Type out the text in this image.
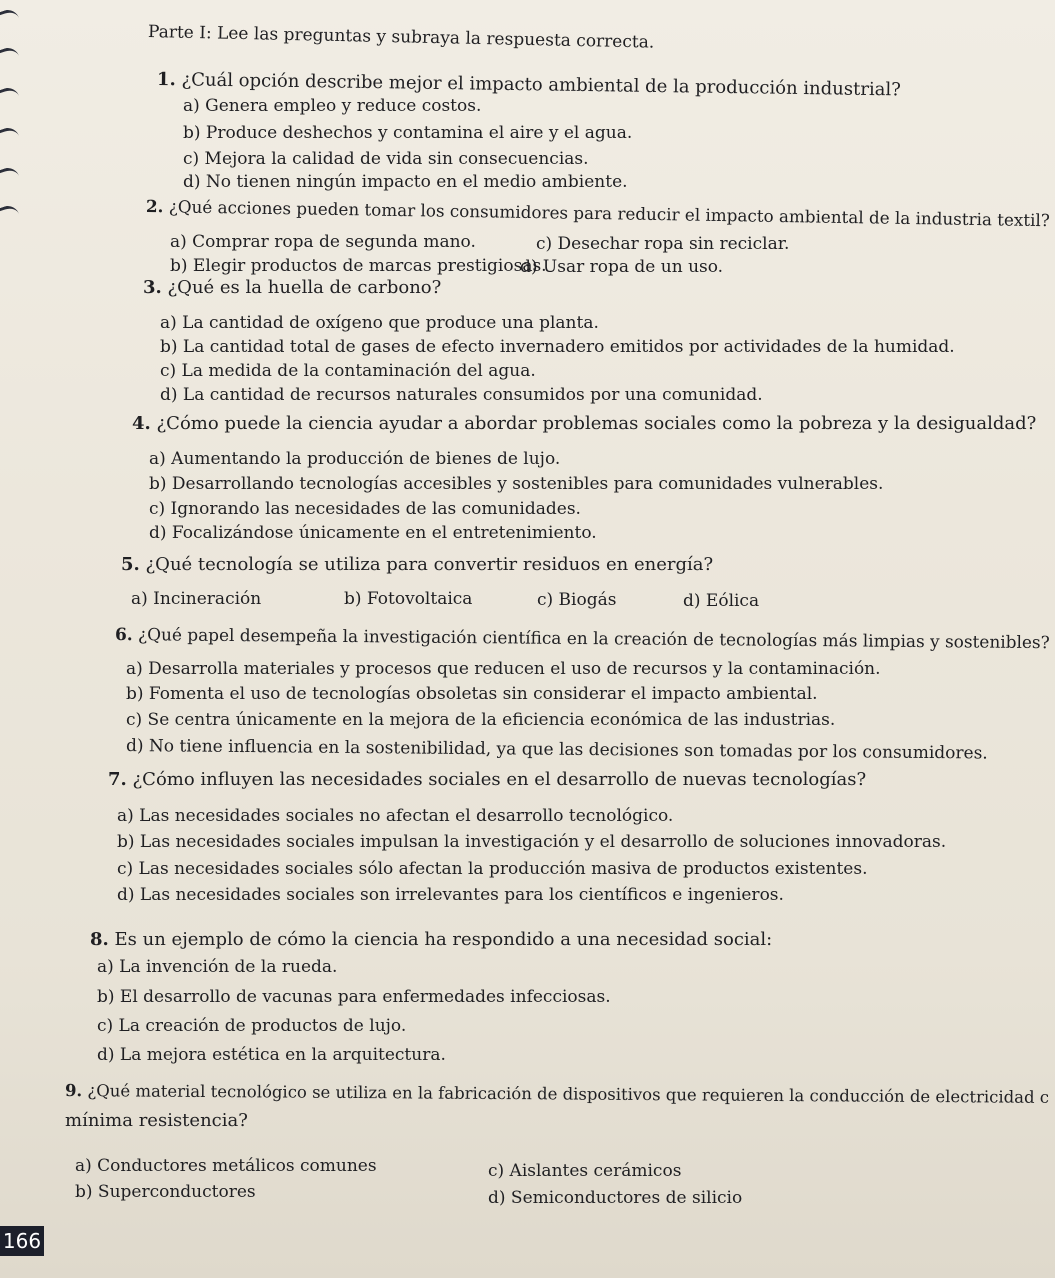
Parte I: Lee las preguntas y subraya la respuesta correcta.
1. ¿Cuál opción describe mejor el impacto ambiental de la producción industrial?
a) Genera empleo y reduce costos.
b) Produce deshechos y contamina el aire y el agua.
c) Mejora la calidad de vida sin consecuencias.
d) No tienen ningún impacto en el medio ambiente.
2. ¿Qué acciones pueden tomar los consumidores para reducir el impacto ambiental de la industria textil?
a) Comprar ropa de segunda mano.	c) Desechar ropa sin reciclar.
b) Elegir productos de marcas prestigiosas.
d) Usar ropa de un uso.
3. ¿Qué es la huella de carbono?
a) La cantidad de oxígeno que produce una planta.
b) La cantidad total de gases de efecto invernadero emitidos por actividades de la humidad.
c) La medida de la contaminación del agua.
d) La cantidad de recursos naturales consumidos por una comunidad.
4. ¿Cómo puede la ciencia ayudar a abordar problemas sociales como la pobreza y la desigualdad?
a) Aumentando la producción de bienes de lujo.
b) Desarrollando tecnologías accesibles y sostenibles para comunidades vulnerables.
c) Ignorando las necesidades de las comunidades.
d) Focalizándose únicamente en el entretenimiento.
5. ¿Qué tecnología se utiliza para convertir residuos en energía?
a) Incineración	b) Fotovoltaica	c) Biogás	d) Eólica
6. ¿Qué papel desempeña la investigación científica en la creación de tecnologías más limpias y sostenibles?
a) Desarrolla materiales y procesos que reducen el uso de recursos y la contaminación.
b) Fomenta el uso de tecnologías obsoletas sin considerar el impacto ambiental.
c) Se centra únicamente en la mejora de la eficiencia económica de las industrias.
d) No tiene influencia en la sostenibilidad, ya que las decisiones son tomadas por los consumidores.
7. ¿Cómo influyen las necesidades sociales en el desarrollo de nuevas tecnologías?
a) Las necesidades sociales no afectan el desarrollo tecnológico.
b) Las necesidades sociales impulsan la investigación y el desarrollo de soluciones innovadoras.
c) Las necesidades sociales sólo afectan la producción masiva de productos existentes.
d) Las necesidades sociales son irrelevantes para los científicos e ingenieros.
8. Es un ejemplo de cómo la ciencia ha respondido a una necesidad social:
a) La invención de la rueda.
b) El desarrollo de vacunas para enfermedades infecciosas.
c) La creación de productos de lujo.
d) La mejora estética en la arquitectura.
9. ¿Qué material tecnológico se utiliza en la fabricación de dispositivos que requieren la conducción de electricidad c
mínima resistencia?
a) Conductores metálicos comunes	c) Aislantes cerámicos
b) Superconductores	d) Semiconductores de silicio
166
